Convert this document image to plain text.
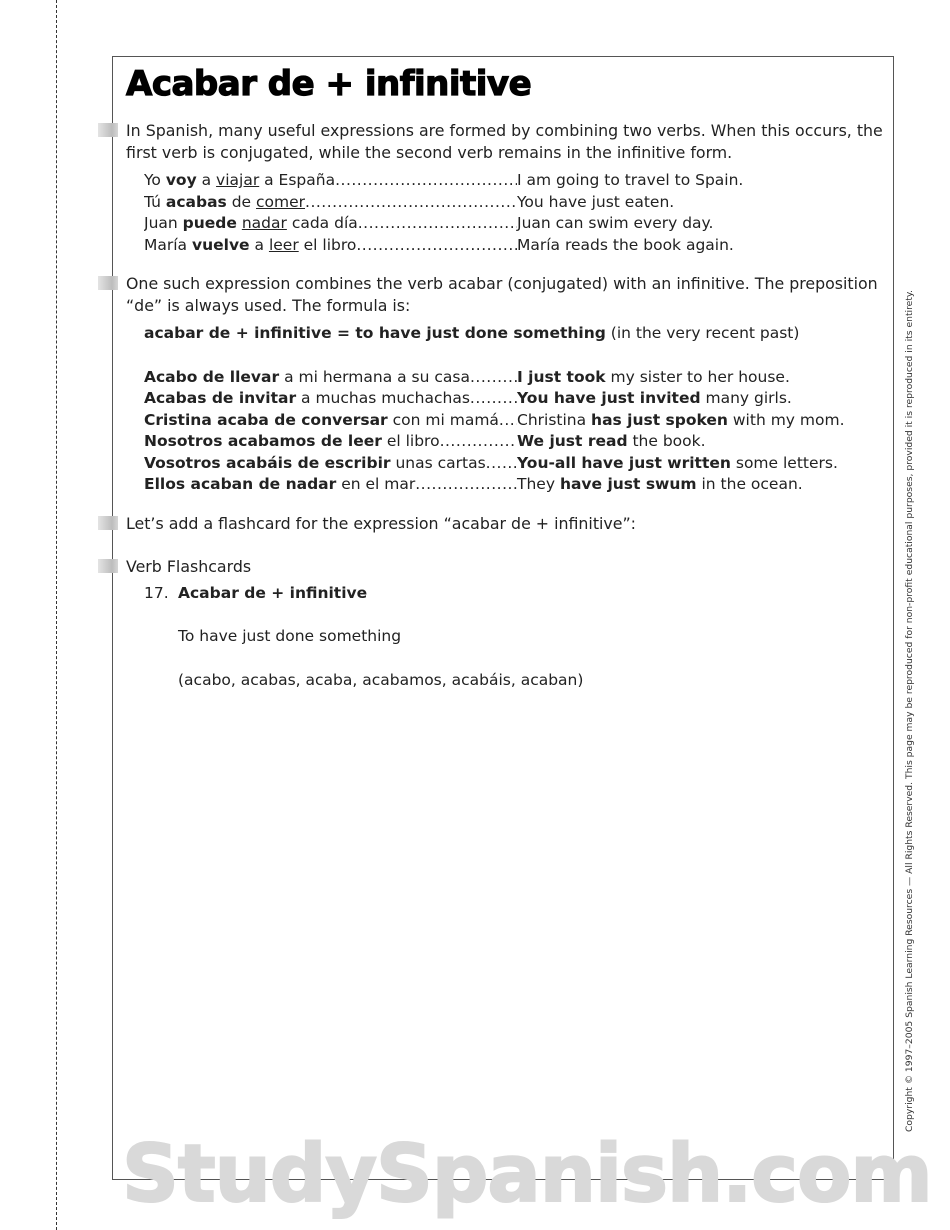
Acabar de + infinitive

In Spanish, many useful expressions are formed by combining two verbs. When this occurs, the first verb is conjugated, while the second verb remains in the infinitive form.

Yo voy a viajar a España .....	I am going to travel to Spain.
Tú acabas de comer .....	You have just eaten.
Juan puede nadar cada día .....	Juan can swim every day.
María vuelve a leer el libro .....	María reads the book again.

One such expression combines the verb acabar (conjugated) with an infinitive. The preposition “de” is always used. The formula is:

acabar de + infinitive = to have just done something (in the very recent past)
Acabo de llevar a mi hermana a su casa .....	I just took my sister to her house.
Acabas de invitar a muchas muchachas .....	You have just invited many girls.
Cristina acaba de conversar con mi mamá ..... Christina has just spoken with my mom.
Nosotros acabamos de leer el libro .....	We just read the book.
Vosotros acabáis de escribir unas cartas ..... You-all have just written some letters.
Ellos acaban de nadar en el mar .....	They have just swum in the ocean.

Let’s add a flashcard for the expression “acabar de + infinitive”:

Verb Flashcards

17. Acabar de + infinitive
To have just done something
(acabo, acabas, acaba, acabamos, acabáis, acaban)	Copyright © 1997–2005 Spanish Learning Resources — All Rights Reserved. This page may be reproduced for non-profit educational purposes, provided it is reproduced in its entirety.
StudySpanish.com
